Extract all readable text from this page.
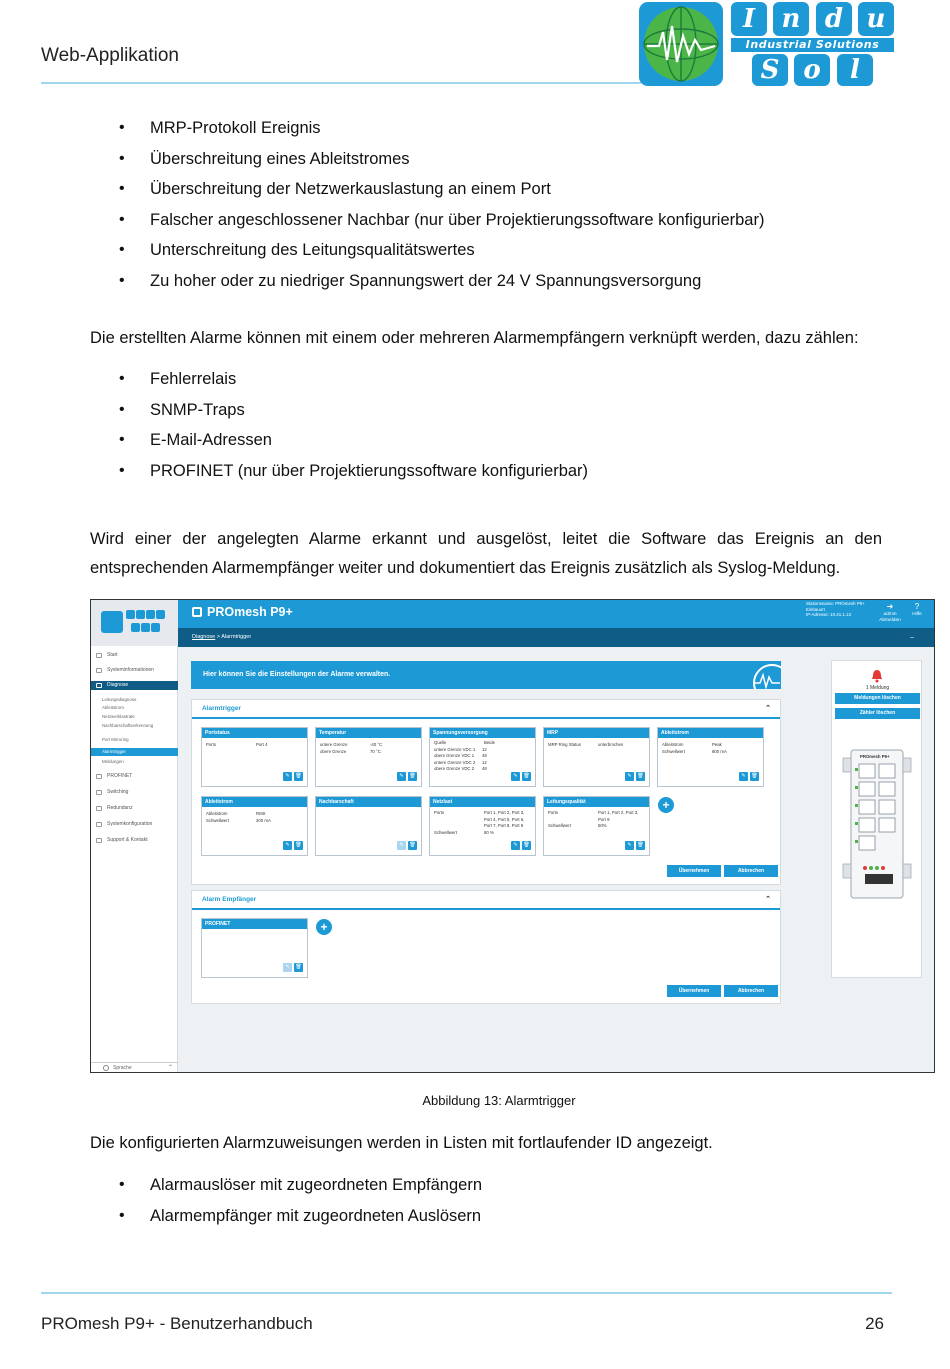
Web-Applikation
I	n d u
Industrial Solutions
S o	l
• MRP-Protokoll Ereignis
• Überschreitung eines Ableitstromes
• Überschreitung der Netzwerkauslastung an einem Port
• Falscher angeschlossener Nachbar (nur über Projektierungssoftware konfigurierbar)
• Unterschreitung des Leitungsqualitätswertes
• Zu hoher oder zu niedriger Spannungswert der 24 V Spannungsversorgung

Die erstellten Alarme können mit einem oder mehreren Alarmempfängern verknüpft werden, dazu zählen:

• Fehlerrelais
• SNMP-Traps
• E-Mail-Adressen
• PROFINET (nur über Projektierungssoftware konfigurierbar)

Wird einer der angelegten Alarme erkannt und ausgelöst, leitet die Software das Ereignis an den entsprechenden Alarmempfänger weiter und dokumentiert das Ereignis zusätzlich als Syslog-Meldung.

Start
Systeminformationen
Diagnose
Leitungsdiagnose
Ableitstrom
Netzwerklastrate
Nachbarschaftserkennung
Port Mirroring
Alarmtrigger
Meldungen
PROFINET
Switching
Redundanz
Systemkonfiguration
Support & Kontakt
Sprache	⌃
PROmesh P9+
Stationsname: PROmesh P9+
Einbauort
IP-Adresse: 10.41.1.13
➜
admin
Abmelden
?
Hilfe
Diagnose > Alarmtrigger	−
Hier können Sie die Einstellungen der Alarme verwalten.
Alarmtrigger	⌃
Portstatus
Ports	Port 4
✎ 🗑
Temperatur
untere Grenze	-40 °C
obere Grenze	70 °C
✎ 🗑
Spannungsversorgung
Quelle	Beide
untere Grenze VDC 1 12
obere Grenze VDC 1 48
untere Grenze VDC 2 12
obere Grenze VDC 2 48
✎ 🗑
MRP
MRP Ring Status	unterbrochen
✎ 🗑
Ableitstrom
Ableitstrom	Peak
Schwellwert	800 mA
✎ 🗑
Ableitstrom
Ableitstrom	RMS
Schwellwert	200 mA
✎ 🗑
Nachbarschaft
✎ 🗑
Netzlast
Ports	Port 1, Port 2, Port 3,
Port 4, Port 5, Port 6,
Port 7, Port 8, Port 9
Schwellwert	80 %
✎ 🗑
Leitungsqualität
Ports	Port 1, Port 2, Port 3,
Port 9
Schwellwert	50%
✎ 🗑
+
Übernehmen	Abbrechen
Alarm Empfänger	⌃
PROFINET
✎ 🗑
+
Übernehmen	Abbrechen
1 Meldung
Meldungen löschen
Zähler löschen
PROmesh P9+
Abbildung 13: Alarmtrigger

Die konfigurierten Alarmzuweisungen werden in Listen mit fortlaufender ID angezeigt.

• Alarmauslöser mit zugeordneten Empfängern
• Alarmempfänger mit zugeordneten Auslösern
PROmesh P9+ - Benutzerhandbuch	26
